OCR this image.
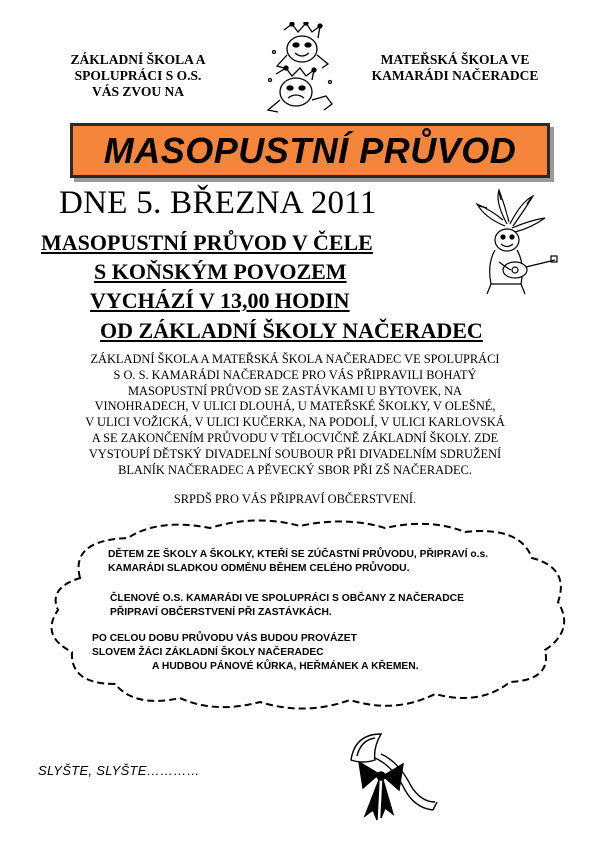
ZÁKLADNÍ ŠKOLA A
SPOLUPRÁCI S O.S.
VÁS ZVOU NA
MATEŘSKÁ ŠKOLA VE
KAMARÁDI NAČERADCE
MASOPUSTNÍ PRŮVOD
DNE 5. BŘEZNA 2011
MASOPUSTNÍ PRŮVOD V ČELE
S KOŇSKÝM POVOZEM
VYCHÁZÍ V 13,00 HODIN
OD ZÁKLADNÍ ŠKOLY NAČERADEC
ZÁKLADNÍ ŠKOLA A MATEŘSKÁ ŠKOLA NAČERADEC VE SPOLUPRÁCI
S O. S. KAMARÁDI NAČERADCE PRO VÁS PŘIPRAVILI BOHATÝ
MASOPUSTNÍ PRŮVOD SE ZASTÁVKAMI U BYTOVEK, NA
VINOHRADECH, V ULICI DLOUHÁ, U MATEŘSKÉ ŠKOLKY, V OLEŠNÉ,
V ULICI VOŽICKÁ, V ULICI KUČERKA, NA PODOLÍ, V ULICI KARLOVSKÁ
A SE ZAKONČENÍM PRŮVODU V TĚLOCVIČNĚ ZÁKLADNÍ ŠKOLY. ZDE
VYSTOUPÍ DĚTSKÝ DIVADELNÍ SOUBOUR PŘI DIVADELNÍM SDRUŽENÍ
BLANÍK NAČERADEC A PĚVECKÝ SBOR PŘI ZŠ NAČERADEC.
SRPDŠ PRO VÁS PŘIPRAVÍ OBČERSTVENÍ.
DĚTEM ZE ŠKOLY A ŠKOLKY, KTEŘÍ SE ZÚČASTNÍ PRŮVODU, PŘIPRAVÍ o.s.
KAMARÁDI SLADKOU ODMĚNU BĚHEM CELÉHO PRŮVODU.
ČLENOVÉ O.S. KAMARÁDI VE SPOLUPRÁCI S OBČANY Z NAČERADCE
PŘIPRAVÍ OBČERSTVENÍ PŘI ZASTÁVKÁCH.
PO CELOU DOBU PRŮVODU VÁS BUDOU PROVÁZET
SLOVEM ŽÁCI ZÁKLADNÍ ŠKOLY NAČERADEC
A HUDBOU PÁNOVÉ KŮRKA, HEŘMÁNEK A KŘEMEN.
SLYŠTE, SLYŠTE…………
